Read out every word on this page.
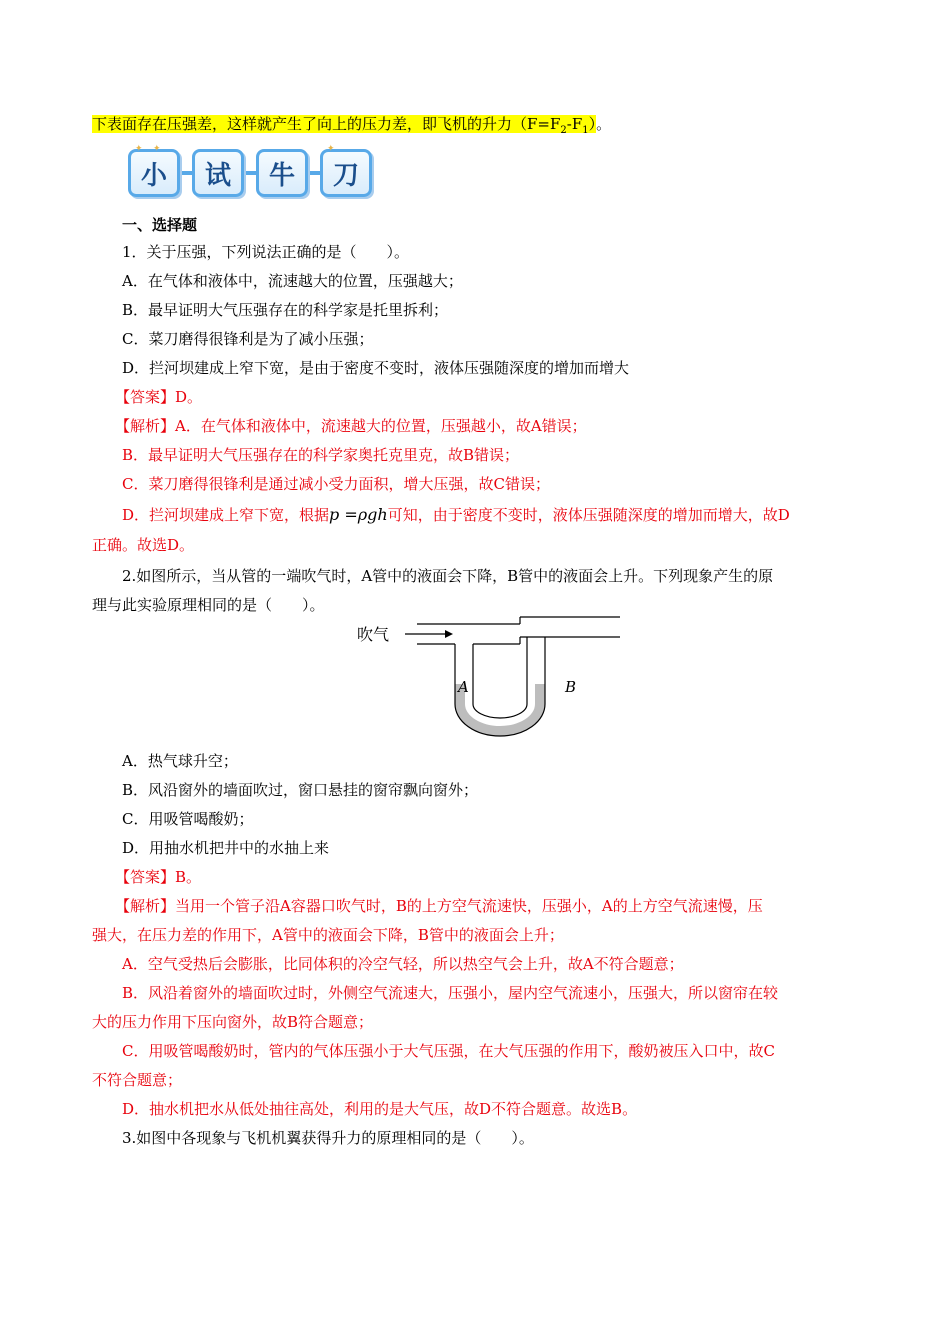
下表面存在压强差，这样就产生了向上的压力差，即飞机的升力$(F=F_2-F_1)$。
✦ ✦
小 试 牛
✦
刀
一、选择题
1．关于压强，下列说法正确的是（　　）。
A．在气体和液体中，流速越大的位置，压强越大；
B．最早证明大气压强存在的科学家是托里拆利；
C．菜刀磨得很锋利是为了减小压强；
D．拦河坝建成上窄下宽，是由于密度不变时，液体压强随深度的增加而增大
【答案】D。
【解析】A．在气体和液体中，流速越大的位置，压强越小，故A错误；
B．最早证明大气压强存在的科学家奥托克里克，故B错误；
C．菜刀磨得很锋利是通过减小受力面积，增大压强，故C错误；
D．拦河坝建成上窄下宽，根据p =ρgh可知，由于密度不变时，液体压强随深度的增加而增大，故D
正确。故选D。
2.如图所示，当从管的一端吹气时，A管中的液面会下降，B管中的液面会上升。下列现象产生的原
理与此实验原理相同的是（　　）。
吹气
A	B
A．热气球升空；
B．风沿窗外的墙面吹过，窗口悬挂的窗帘飘向窗外；
C．用吸管喝酸奶；
D．用抽水机把井中的水抽上来
【答案】B。
【解析】当用一个管子沿A容器口吹气时，B的上方空气流速快，压强小，A的上方空气流速慢，压
强大，在压力差的作用下，A管中的液面会下降，B管中的液面会上升；
A．空气受热后会膨胀，比同体积的冷空气轻，所以热空气会上升，故A不符合题意；
B．风沿着窗外的墙面吹过时，外侧空气流速大，压强小，屋内空气流速小，压强大，所以窗帘在较
大的压力作用下压向窗外，故B符合题意；
C．用吸管喝酸奶时，管内的气体压强小于大气压强，在大气压强的作用下，酸奶被压入口中，故C
不符合题意；
D．抽水机把水从低处抽往高处，利用的是大气压，故D不符合题意。故选B。
3.如图中各现象与飞机机翼获得升力的原理相同的是（　　）。
